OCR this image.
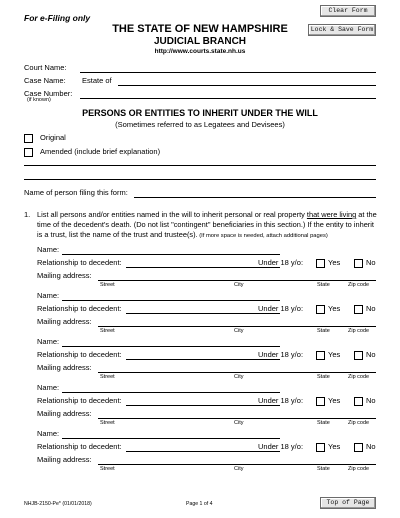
Clear Form
Lock & Save Form
Top of Page
For e-Filing only
THE STATE OF NEW HAMPSHIRE
JUDICIAL BRANCH
http://www.courts.state.nh.us
Court Name:
Case Name: Estate of
Case Number:
(if known)
PERSONS OR ENTITIES TO INHERIT UNDER THE WILL
(Sometimes referred to as Legatees and Devisees)
Original
Amended (include brief explanation)
Name of person filing this form:
1. List all persons and/or entities named in the will to inherit personal or real property that were living at the time of the decedent's death. (Do not list "contingent" beneficiaries in this section.) If the entity to inherit is a trust, list the name of the trust and trustee(s). (If more space is needed, attach additional pages)
Name:
Relationship to decedent:	Under 18 y/o:	Yes	No
Mailing address:
Street	City	State	Zip code
Name:
Relationship to decedent:	Under 18 y/o:	Yes	No
Mailing address:
Street	City	State	Zip code
Name:
Relationship to decedent:	Under 18 y/o:	Yes	No
Mailing address:
Street	City	State	Zip code
Name:
Relationship to decedent:	Under 18 y/o:	Yes	No
Mailing address:
Street	City	State	Zip code
Name:
Relationship to decedent:	Under 18 y/o:	Yes	No
Mailing address:
Street	City	State	Zip code
NHJB-2150-Pe* (01/01/2018)	Page 1 of 4
